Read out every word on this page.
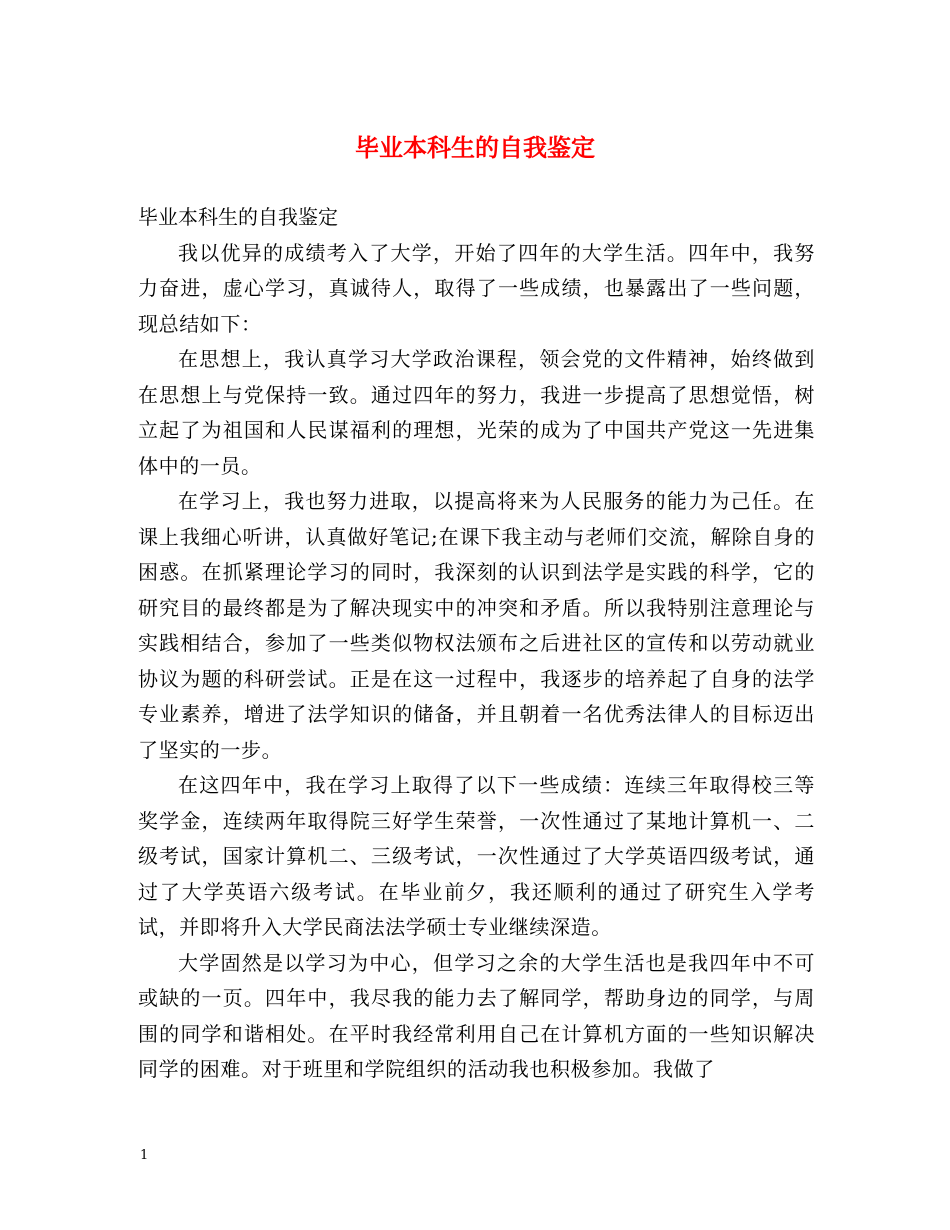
毕业本科生的自我鉴定

毕业本科生的自我鉴定

我以优异的成绩考入了大学，开始了四年的大学生活。四年中，我努力奋进，虚心学习，真诚待人，取得了一些成绩，也暴露出了一些问题，现总结如下：

在思想上，我认真学习大学政治课程，领会党的文件精神，始终做到在思想上与党保持一致。通过四年的努力，我进一步提高了思想觉悟，树立起了为祖国和人民谋福利的理想，光荣的成为了中国共产党这一先进集体中的一员。

在学习上，我也努力进取，以提高将来为人民服务的能力为己任。在课上我细心听讲，认真做好笔记;在课下我主动与老师们交流，解除自身的困惑。在抓紧理论学习的同时，我深刻的认识到法学是实践的科学，它的研究目的最终都是为了解决现实中的冲突和矛盾。所以我特别注意理论与实践相结合，参加了一些类似物权法颁布之后进社区的宣传和以劳动就业协议为题的科研尝试。正是在这一过程中，我逐步的培养起了自身的法学专业素养，增进了法学知识的储备，并且朝着一名优秀法律人的目标迈出了坚实的一步。

在这四年中，我在学习上取得了以下一些成绩：连续三年取得校三等奖学金，连续两年取得院三好学生荣誉，一次性通过了某地计算机一、二级考试，国家计算机二、三级考试，一次性通过了大学英语四级考试，通过了大学英语六级考试。在毕业前夕，我还顺利的通过了研究生入学考试，并即将升入大学民商法法学硕士专业继续深造。

大学固然是以学习为中心，但学习之余的大学生活也是我四年中不可或缺的一页。四年中，我尽我的能力去了解同学，帮助身边的同学，与周围的同学和谐相处。在平时我经常利用自己在计算机方面的一些知识解决同学的困难。对于班里和学院组织的活动我也积极参加。我做了

1
